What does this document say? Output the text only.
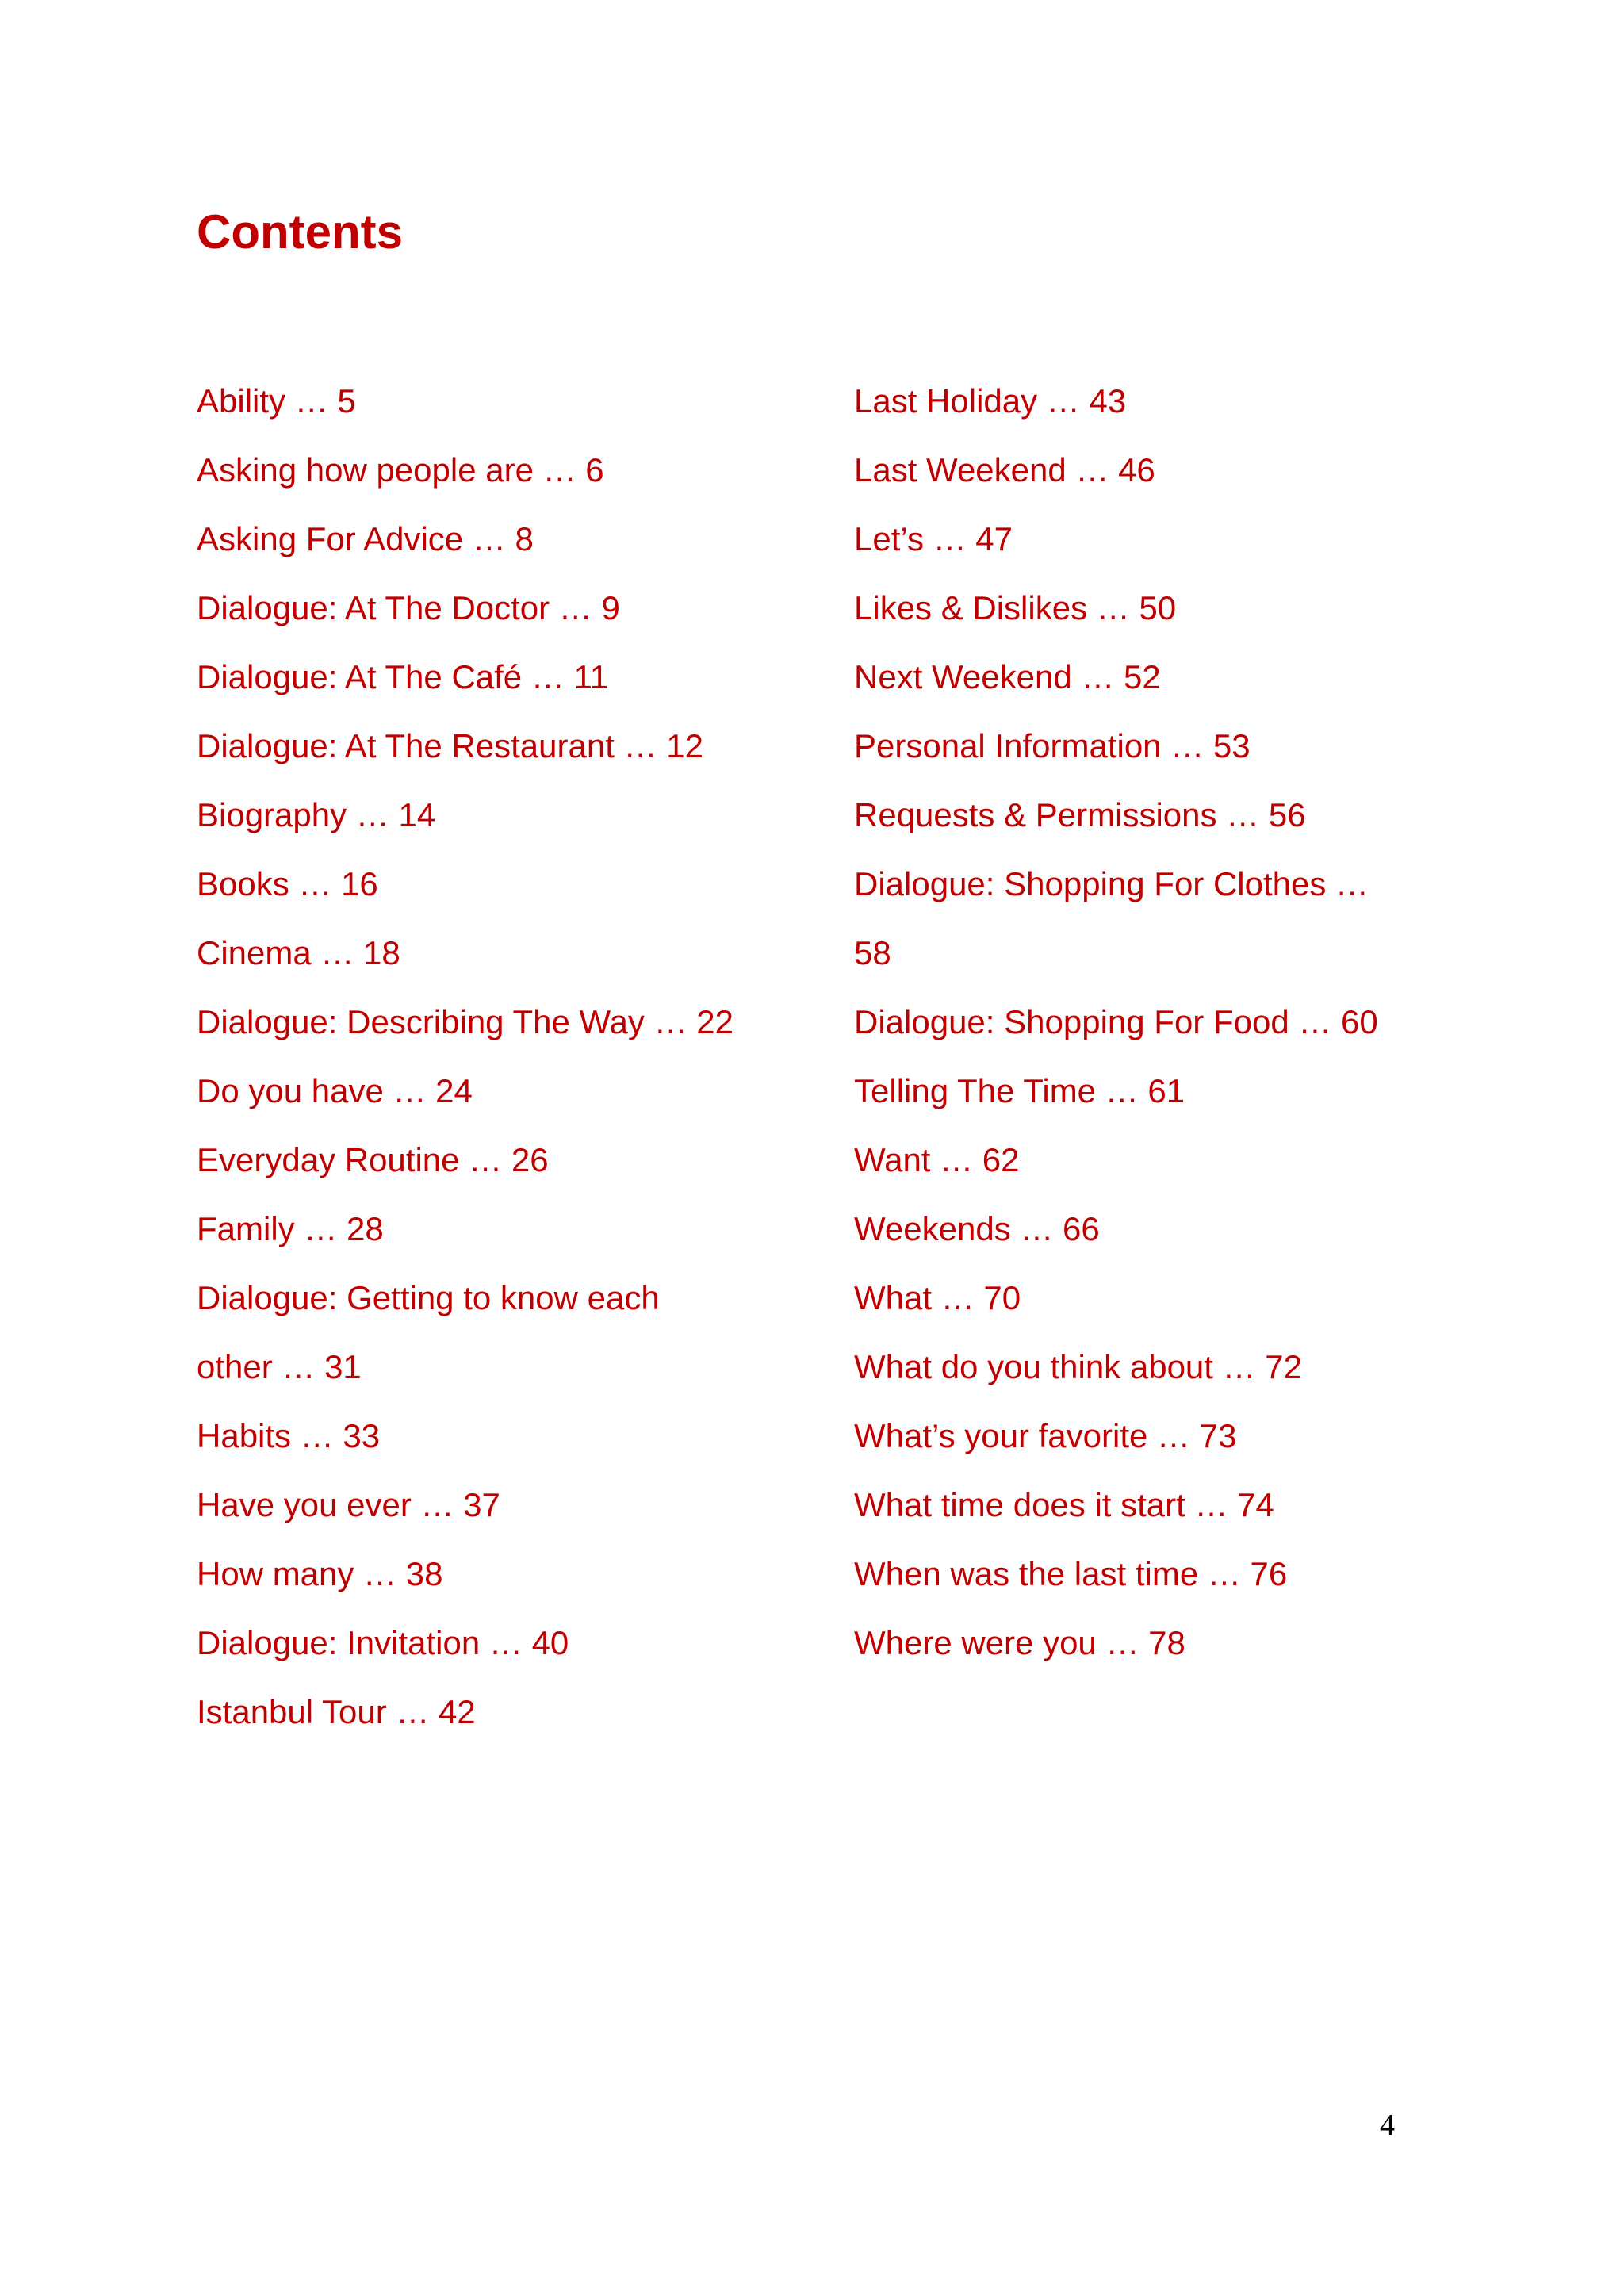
Contents
Ability … 5
Asking how people are … 6
Asking For Advice … 8
Dialogue: At The Doctor … 9
Dialogue: At The Café … 11
Dialogue: At The Restaurant … 12
Biography … 14
Books … 16
Cinema … 18
Dialogue: Describing The Way … 22
Do you have … 24
Everyday Routine … 26
Family … 28
Dialogue: Getting to know each
other … 31
Habits … 33
Have you ever … 37
How many … 38
Dialogue: Invitation … 40
Istanbul Tour … 42
Last Holiday … 43
Last Weekend … 46
Let’s … 47
Likes & Dislikes … 50
Next Weekend … 52
Personal Information … 53
Requests & Permissions … 56
Dialogue: Shopping For Clothes …
58
Dialogue: Shopping For Food … 60
Telling The Time … 61
Want … 62
Weekends … 66
What … 70
What do you think about … 72
What’s your favorite … 73
What time does it start … 74
When was the last time … 76
Where were you … 78
4
